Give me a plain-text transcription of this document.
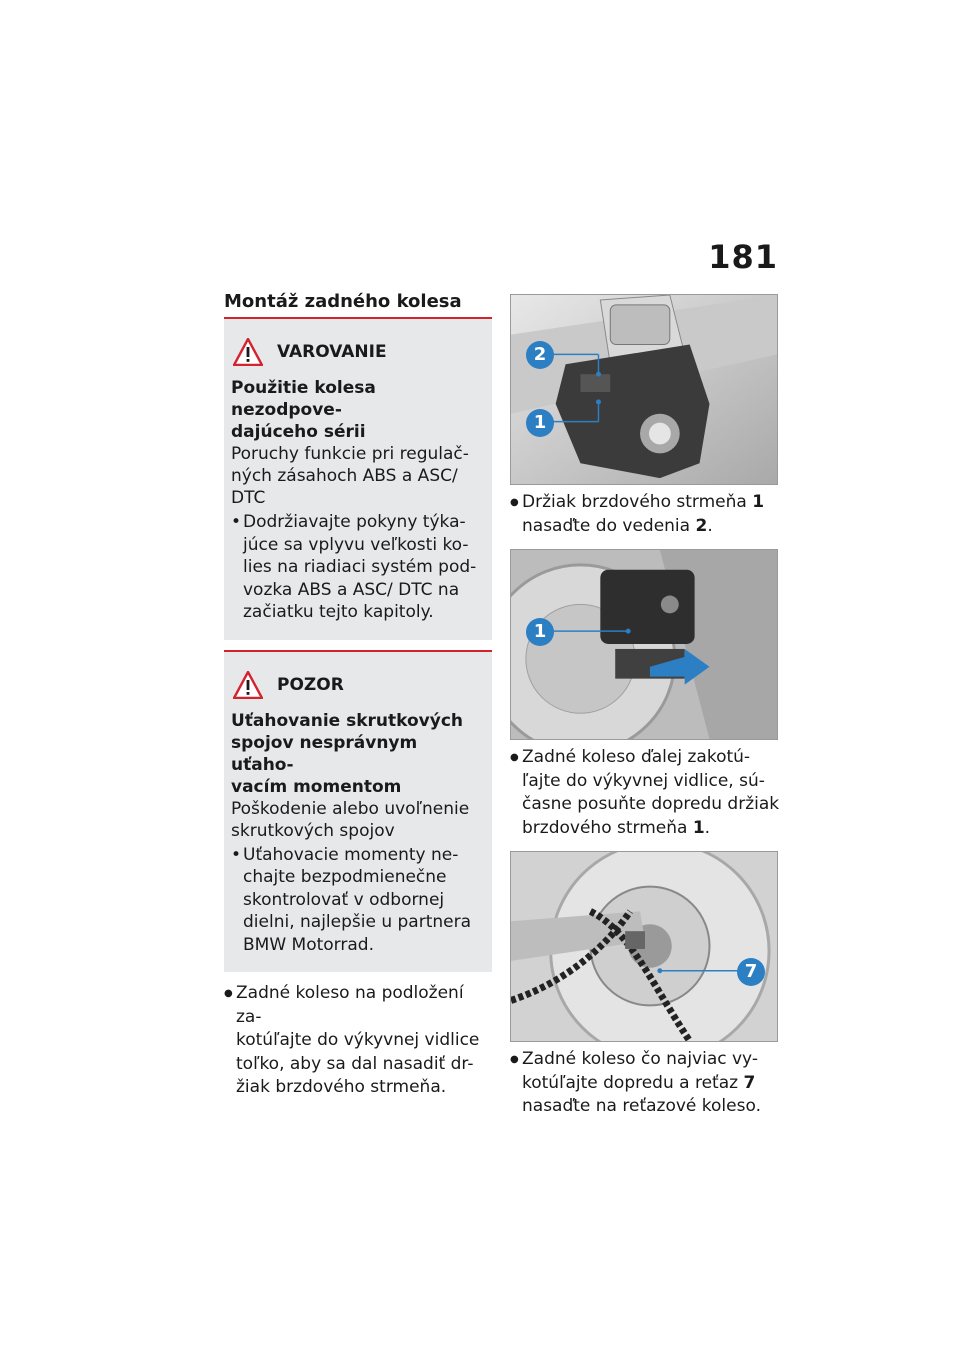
181
Montáž zadného kolesa
VAROVANIE
Použitie kolesa nezodpove-
dajúceho sérii
Poruchy funkcie pri regulač-
ných zásahoch ABS a ASC/
DTC
• Dodržiavajte pokyny týka-
júce sa vplyvu veľkosti ko-
lies na riadiaci systém pod-
vozka ABS a ASC/ DTC na
začiatku tejto kapitoly.
POZOR
Uťahovanie skrutkových
spojov nesprávnym uťaho-
vacím momentom
Poškodenie alebo uvoľnenie
skrutkových spojov
• Uťahovacie momenty ne-
chajte bezpodmienečne
skontrolovať v odbornej
dielni, najlepšie u partnera
BMW Motorrad.
● Zadné koleso na podložení za-
kotúľajte do výkyvnej vidlice
toľko, aby sa dal nasadiť dr-
žiak brzdového strmeňa.
2
1
● Držiak brzdového strmeňa 1
nasaďte do vedenia 2.
1
● Zadné koleso ďalej zakotú-
ľajte do výkyvnej vidlice, sú-
časne posuňte dopredu držiak
brzdového strmeňa 1.
7
● Zadné koleso čo najviac vy-
kotúľajte dopredu a reťaz 7
nasaďte na reťazové koleso.
